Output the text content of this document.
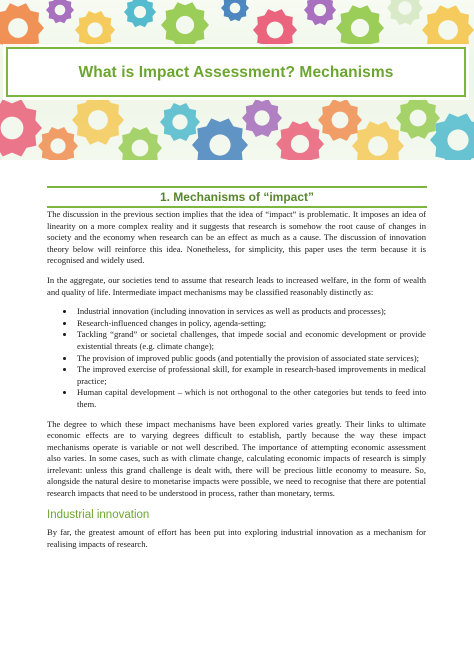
What is Impact Assessment? Mechanisms
1. Mechanisms of “impact”

The discussion in the previous section implies that the idea of “impact” is problematic. It imposes an idea of linearity on a more complex reality and it suggests that research is somehow the root cause of changes in society and the economy when research can be an effect as much as a cause. The discussion of innovation theory below will reinforce this idea. Nonetheless, for simplicity, this paper uses the term because it is recognised and widely used.

In the aggregate, our societies tend to assume that research leads to increased welfare, in the form of wealth and quality of life. Intermediate impact mechanisms may be classified reasonably distinctly as:

• Industrial innovation (including innovation in services as well as products and processes);
• Research-influenced changes in policy, agenda-setting;
• Tackling “grand” or societal challenges, that impede social and economic development or provide existential threats (e.g. climate change);
• The provision of improved public goods (and potentially the provision of associated state services);
• The improved exercise of professional skill, for example in research-based improvements in medical practice;
• Human capital development – which is not orthogonal to the other categories but tends to feed into them.

The degree to which these impact mechanisms have been explored varies greatly. Their links to ultimate economic effects are to varying degrees difficult to establish, partly because the way these impact mechanisms operate is variable or not well described. The importance of attempting economic assessment also varies. In some cases, such as with climate change, calculating economic impacts of research is simply irrelevant: unless this grand challenge is dealt with, there will be precious little economy to measure. So, alongside the natural desire to monetarise impacts were possible, we need to recognise that there are potential research impacts that need to be understood in process, rather than monetary, terms.

Industrial innovation

By far, the greatest amount of effort has been put into exploring industrial innovation as a mechanism for realising impacts of research.
